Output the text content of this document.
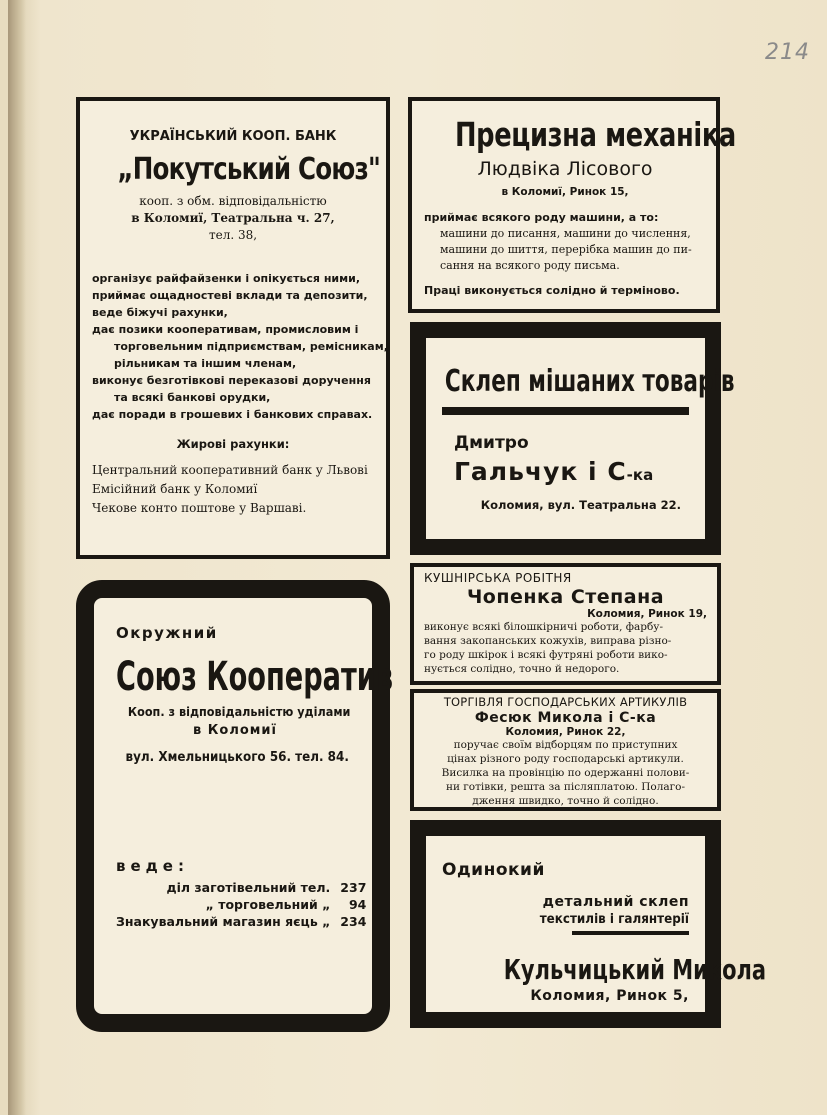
214
УКРАЇНСЬКИЙ КООП. БАНК
„Покутський Союз"
кооп. з обм. відповідальністю
в Коломиї, Театральна ч. 27,
тел. 38,
організує райфайзенки і опікується ними,
приймає ощадностеві вклади та депозити,
веде біжучі рахунки,
дає позики кооперативам, промисловим і
торговельним підприємствам, ремісникам,
рільникам та іншим членам,
виконує безготівкові переказові доручення
та всякі банкові орудки,
дає поради в грошевих і банкових справах.
Жирові рахунки:
Центральний кооперативний банк у Львові
Емісійний банк у Коломиї
Чекове конто поштове у Варшаві.
Прецизна механіка
Людвіка Лісового
в Коломиї, Ринок 15,
приймає всякого роду машини, а то:
машини до писання, машини до числення,
машини до шиття, перерібка машин до пи-
сання на всякого роду письма.
Праці виконується солідно й терміново.
Склеп мішаних товарів
Дмитро
Гальчук і С-ка
Коломия, вул. Театральна 22.
КУШНІРСЬКА РОБІТНЯ
Чопенка Степана
Коломия, Ринок 19,
виконує всякі білошкірничі роботи, фарбу-
вання закопанських кожухів, виправа різно-
го роду шкірок і всякі футряні роботи вико-
нується солідно, точно й недорого.
ТОРГІВЛЯ ГОСПОДАРСЬКИХ АРТИКУЛІВ
Фесюк Микола і С-ка
Коломия, Ринок 22,
поручає своїм відборцям по приступних
цінах різного роду господарські артикули.
Висилка на провінцію по одержанні полови-
ни готівки, решта за післяплатою. Полаго-
дження швидко, точно й солідно.
Окружний
Союз Кооператив
Кооп. з відповідальністю уділами
в Коломиї
вул. Хмельницького 56. тел. 84.
веде:
діл заготівельний тел.	237
„ торговельний „	94
Знакувальний магазин яєць „	234
Одинокий
детальний склеп
текстилів і галянтерії
Кульчицький Микола
Коломия, Ринок 5,
